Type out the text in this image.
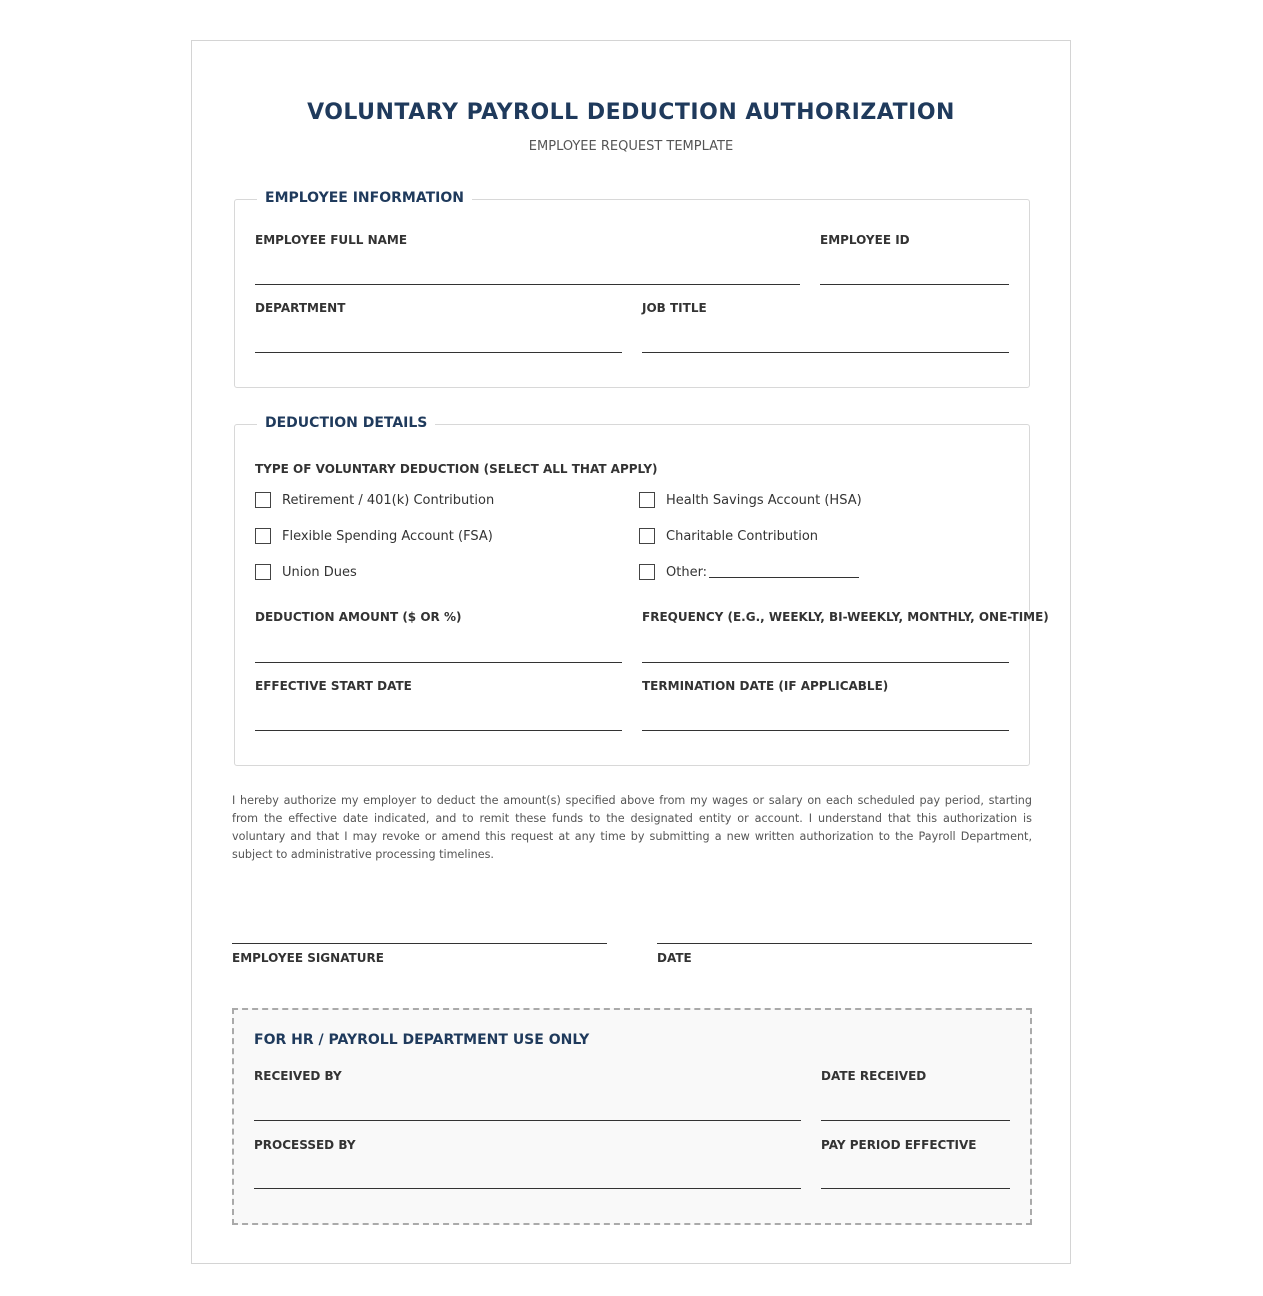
VOLUNTARY PAYROLL DEDUCTION AUTHORIZATION
EMPLOYEE REQUEST TEMPLATE
EMPLOYEE INFORMATION
EMPLOYEE FULL NAME	EMPLOYEE ID
DEPARTMENT	JOB TITLE
DEDUCTION DETAILS
TYPE OF VOLUNTARY DEDUCTION (SELECT ALL THAT APPLY)
Retirement / 401(k) Contribution	Health Savings Account (HSA)
Flexible Spending Account (FSA)	Charitable Contribution
Union Dues	Other:
DEDUCTION AMOUNT ($ OR %)	FREQUENCY (E.G., WEEKLY, BI-WEEKLY, MONTHLY, ONE-TIME)
EFFECTIVE START DATE	TERMINATION DATE (IF APPLICABLE)
I hereby authorize my employer to deduct the amount(s) specified above from my wages or salary on each scheduled pay period, starting from the effective date indicated, and to remit these funds to the designated entity or account. I understand that this authorization is voluntary and that I may revoke or amend this request at any time by submitting a new written authorization to the Payroll Department, subject to administrative processing timelines.
EMPLOYEE SIGNATURE	DATE
FOR HR / PAYROLL DEPARTMENT USE ONLY
RECEIVED BY	DATE RECEIVED
PROCESSED BY	PAY PERIOD EFFECTIVE
